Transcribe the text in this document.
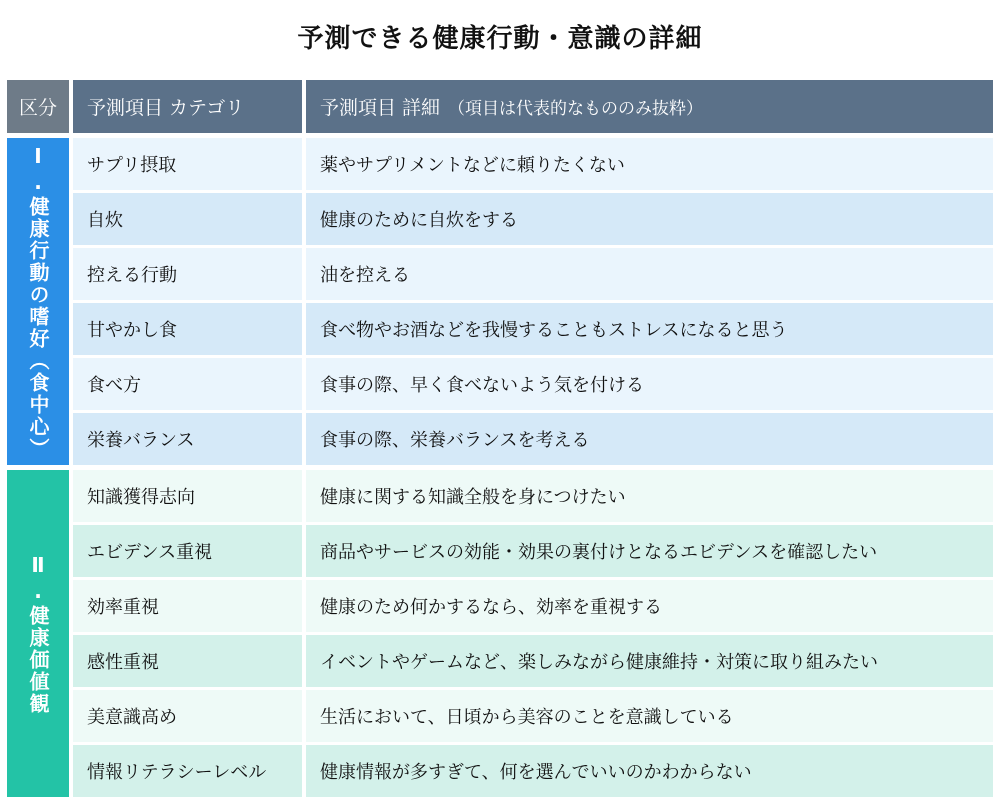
予測できる健康行動・意識の詳細
区分	予測項目 カテゴリ	予測項目 詳細 （項目は代表的なもののみ抜粋）
Ⅰ.健康行動の嗜好︵食中心︶	サプリ摂取	薬やサプリメントなどに頼りたくない
自炊	健康のために自炊をする
控える行動	油を控える
甘やかし食	食べ物やお酒などを我慢することもストレスになると思う
食べ方	食事の際、早く食べないよう気を付ける
栄養バランス	食事の際、栄養バランスを考える
Ⅱ.健康価値観
知識獲得志向	健康に関する知識全般を身につけたい
エビデンス重視	商品やサービスの効能・効果の裏付けとなるエビデンスを確認したい
効率重視	健康のため何かするなら、効率を重視する
感性重視	イベントやゲームなど、楽しみながら健康維持・対策に取り組みたい
美意識高め	生活において、日頃から美容のことを意識している
情報リテラシーレベル	健康情報が多すぎて、何を選んでいいのかわからない
